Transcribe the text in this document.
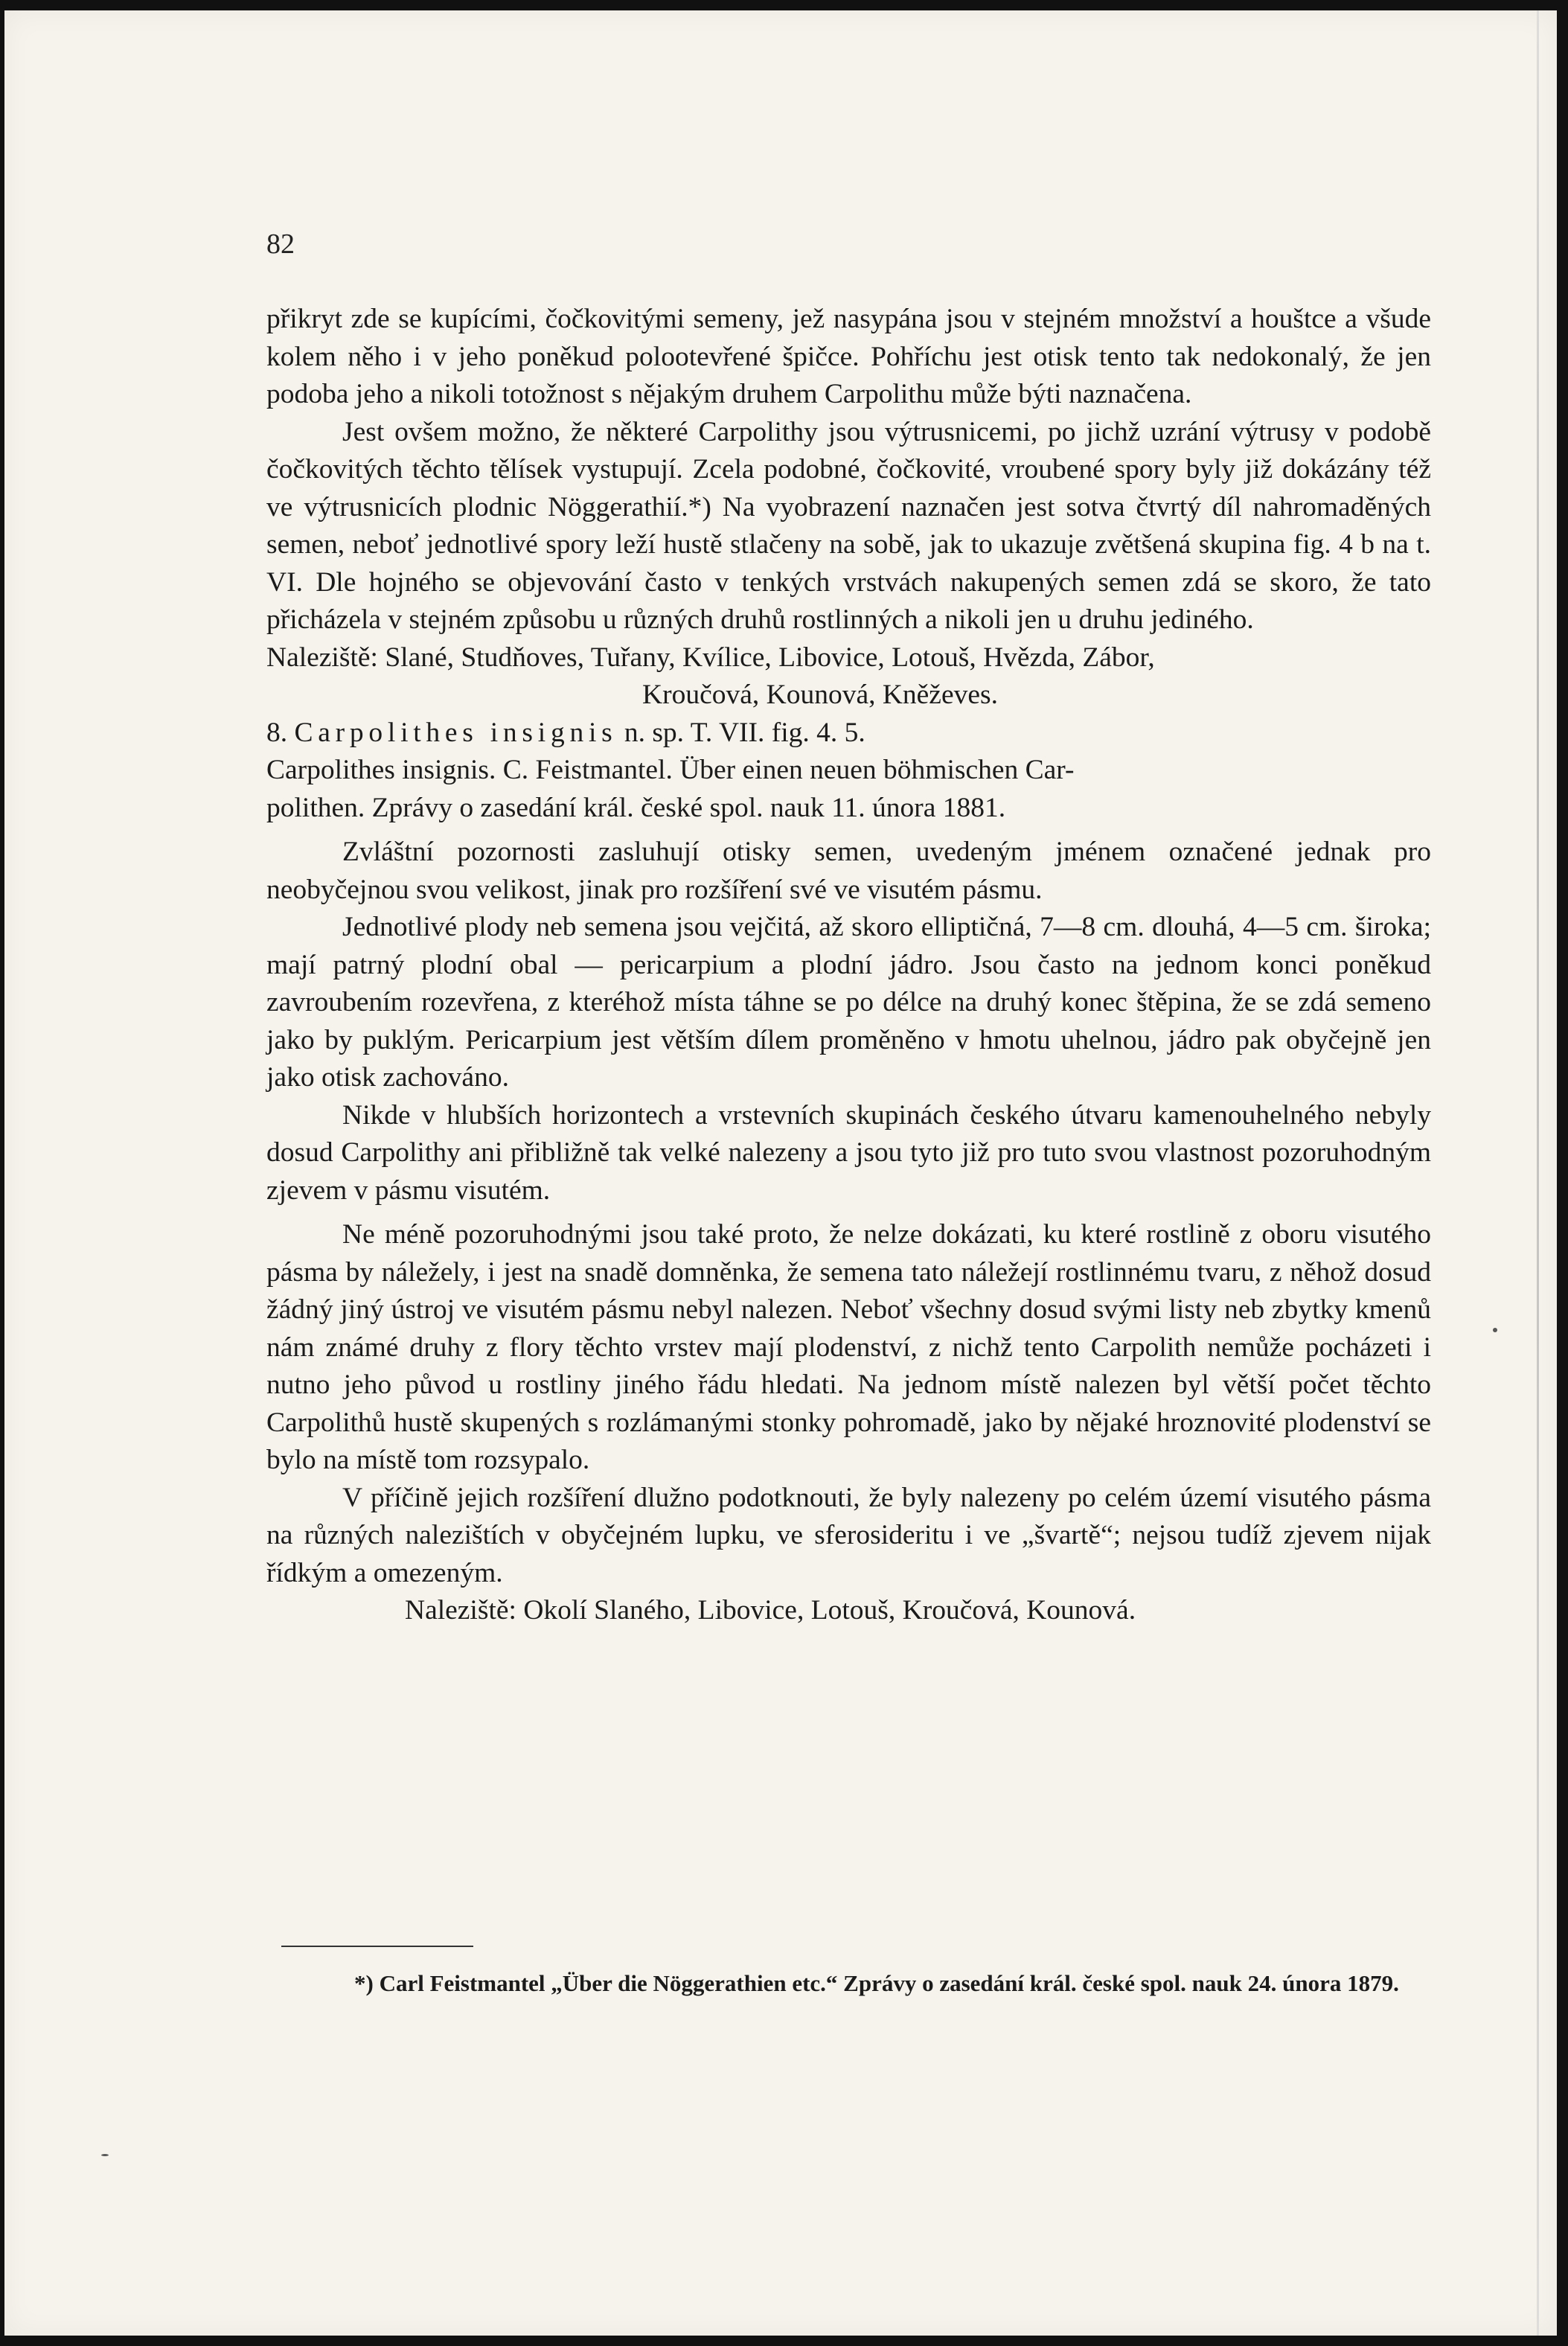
82

přikryt zde se kupícími, čočkovitými semeny, jež nasypána jsou v stejném množství a houštce a všude kolem něho i v jeho poněkud polootevřené špičce. Pohříchu jest otisk tento tak nedokonalý, že jen podoba jeho a nikoli totožnost s nějakým druhem Carpolithu může býti naznačena.

Jest ovšem možno, že některé Carpolithy jsou výtrusnicemi, po jichž uzrání výtrusy v podobě čočkovitých těchto tělísek vystupují. Zcela podobné, čočkovité, vroubené spory byly již dokázány též ve výtrusnicích plodnic Nöggerathií.*) Na vyobrazení naznačen jest sotva čtvrtý díl nahromaděných semen, neboť jednotlivé spory leží hustě stlačeny na sobě, jak to ukazuje zvětšená skupina fig. 4 b na t. VI. Dle hojného se objevování často v tenkých vrstvách nakupených semen zdá se skoro, že tato přicházela v stejném způsobu u různých druhů rostlinných a nikoli jen u druhu jediného.

Naleziště: Slané, Studňoves, Tuřany, Kvílice, Libovice, Lotouš, Hvězda, Zábor,
Kroučová, Kounová, Kněževes.

8. Carpolithes insignis n. sp. T. VII. fig. 4. 5.

Carpolithes insignis. C. Feistmantel. Über einen neuen böhmischen Car-
polithen. Zprávy o zasedání král. české spol. nauk 11. února 1881.

Zvláštní pozornosti zasluhují otisky semen, uvedeným jménem označené jednak pro neobyčejnou svou velikost, jinak pro rozšíření své ve visutém pásmu.

Jednotlivé plody neb semena jsou vejčitá, až skoro elliptičná, 7—8 cm. dlouhá, 4—5 cm. široka; mají patrný plodní obal — pericarpium a plodní jádro. Jsou často na jednom konci poněkud zavroubením rozevřena, z kteréhož místa táhne se po délce na druhý konec štěpina, že se zdá semeno jako by puklým. Pericarpium jest větším dílem proměněno v hmotu uhelnou, jádro pak obyčejně jen jako otisk zachováno.

Nikde v hlubších horizontech a vrstevních skupinách českého útvaru kamenouhelného nebyly dosud Carpolithy ani přibližně tak velké nalezeny a jsou tyto již pro tuto svou vlastnost pozoruhodným zjevem v pásmu visutém.

Ne méně pozoruhodnými jsou také proto, že nelze dokázati, ku které rostlině z oboru visutého pásma by náležely, i jest na snadě domněnka, že semena tato náležejí rostlinnému tvaru, z něhož dosud žádný jiný ústroj ve visutém pásmu nebyl nalezen. Neboť všechny dosud svými listy neb zbytky kmenů nám známé druhy z flory těchto vrstev mají plodenství, z nichž tento Carpolith nemůže pocházeti i nutno jeho původ u rostliny jiného řádu hledati. Na jednom místě nalezen byl větší počet těchto Carpolithů hustě skupených s rozlámanými stonky pohromadě, jako by nějaké hroznovité plodenství se bylo na místě tom rozsypalo.

V příčině jejich rozšíření dlužno podotknouti, že byly nalezeny po celém území visutého pásma na různých nalezištích v obyčejném lupku, ve sferosideritu i ve „švartě“; nejsou tudíž zjevem nijak řídkým a omezeným.

Naleziště: Okolí Slaného, Libovice, Lotouš, Kroučová, Kounová.

*) Carl Feistmantel „Über die Nöggerathien etc.“ Zprávy o zasedání král. české spol. nauk 24. února 1879.
